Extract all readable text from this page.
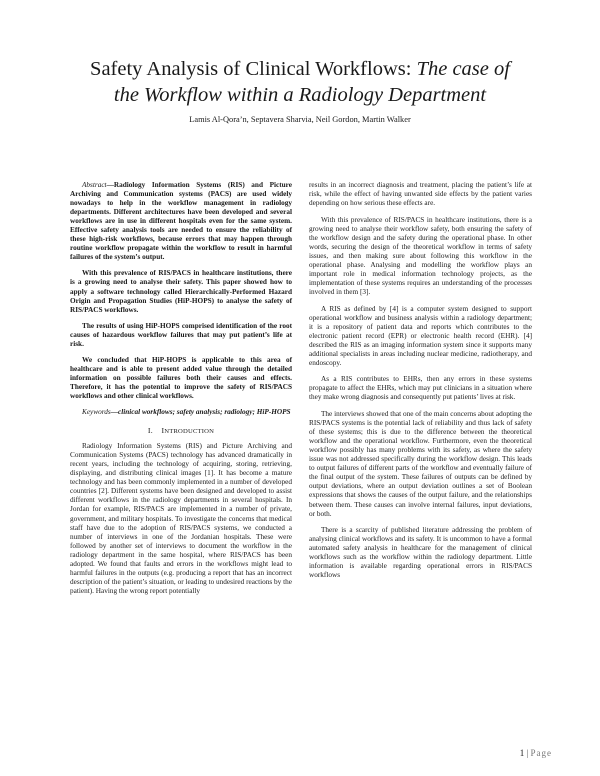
Safety Analysis of Clinical Workflows: The case of
the Workflow within a Radiology Department
Lamis Al-Qora’n, Septavera Sharvia, Neil Gordon, Martin Walker

Abstract—Radiology Information Systems (RIS) and Picture Archiving and Communication systems (PACS) are used widely nowadays to help in the workflow management in radiology departments. Different architectures have been developed and several workflows are in use in different hospitals even for the same system. Effective safety analysis tools are needed to ensure the reliability of these high-risk workflows, because errors that may happen through routine workflow propagate within the workflow to result in harmful failures of the system’s output.

With this prevalence of RIS/PACS in healthcare institutions, there is a growing need to analyse their safety. This paper showed how to apply a software technology called Hierarchically-Performed Hazard Origin and Propagation Studies (HiP-HOPS) to analyse the safety of RIS/PACS workflows.

The results of using HiP-HOPS comprised identification of the root causes of hazardous workflow failures that may put patient’s life at risk.

We concluded that HiP-HOPS is applicable to this area of healthcare and is able to present added value through the detailed information on possible failures both their causes and effects. Therefore, it has the potential to improve the safety of RIS/PACS workflows and other clinical workflows.

Keywords—clinical workflows; safety analysis; radiology; HiP-HOPS

I. INTRODUCTION

Radiology Information Systems (RIS) and Picture Archiving and Communication Systems (PACS) technology has advanced dramatically in recent years, including the technology of acquiring, storing, retrieving, displaying, and distributing clinical images [1]. It has become a mature technology and has been commonly implemented in a number of developed countries [2]. Different systems have been designed and developed to assist different workflows in the radiology departments in several hospitals. In Jordan for example, RIS/PACS are implemented in a number of private, government, and military hospitals. To investigate the concerns that medical staff have due to the adoption of RIS/PACS systems, we conducted a number of interviews in one of the Jordanian hospitals. These were followed by another set of interviews to document the workflow in the radiology department in the same hospital, where RIS/PACS has been adopted. We found that faults and errors in the workflows might lead to harmful failures in the outputs (e.g. producing a report that has an incorrect description of the patient’s situation, or leading to undesired reactions by the patient). Having the wrong report potentially

results in an incorrect diagnosis and treatment, placing the patient’s life at risk, while the effect of having unwanted side effects by the patient varies depending on how serious these effects are.

With this prevalence of RIS/PACS in healthcare institutions, there is a growing need to analyse their workflow safety, both ensuring the safety of the workflow design and the safety during the operational phase. In other words, securing the design of the theoretical workflow in terms of safety issues, and then making sure about following this workflow in the operational phase. Analysing and modelling the workflow plays an important role in medical information technology projects, as the implementation of these systems requires an understanding of the processes involved in them [3].

A RIS as defined by [4] is a computer system designed to support operational workflow and business analysis within a radiology department; it is a repository of patient data and reports which contributes to the electronic patient record (EPR) or electronic health record (EHR). [4] described the RIS as an imaging information system since it supports many additional specialists in areas including nuclear medicine, radiotherapy, and endoscopy.

As a RIS contributes to EHRs, then any errors in these systems propagate to affect the EHRs, which may put clinicians in a situation where they make wrong diagnosis and consequently put patients’ lives at risk.

The interviews showed that one of the main concerns about adopting the RIS/PACS systems is the potential lack of reliability and thus lack of safety of these systems; this is due to the difference between the theoretical workflow and the operational workflow. Furthermore, even the theoretical workflow possibly has many problems with its safety, as where the safety issue was not addressed specifically during the workflow design. This leads to output failures of different parts of the workflow and eventually failure of the final output of the system. These failures of outputs can be defined by output deviations, where an output deviation outlines a set of Boolean expressions that shows the causes of the output failure, and the relationships between them. These causes can involve internal failures, input deviations, or both.

There is a scarcity of published literature addressing the problem of analysing clinical workflows and its safety. It is uncommon to have a formal automated safety analysis in healthcare for the management of clinical workflows such as the workflow within the radiology department. Little information is available regarding operational errors in RIS/PACS workflows

1 | Page
